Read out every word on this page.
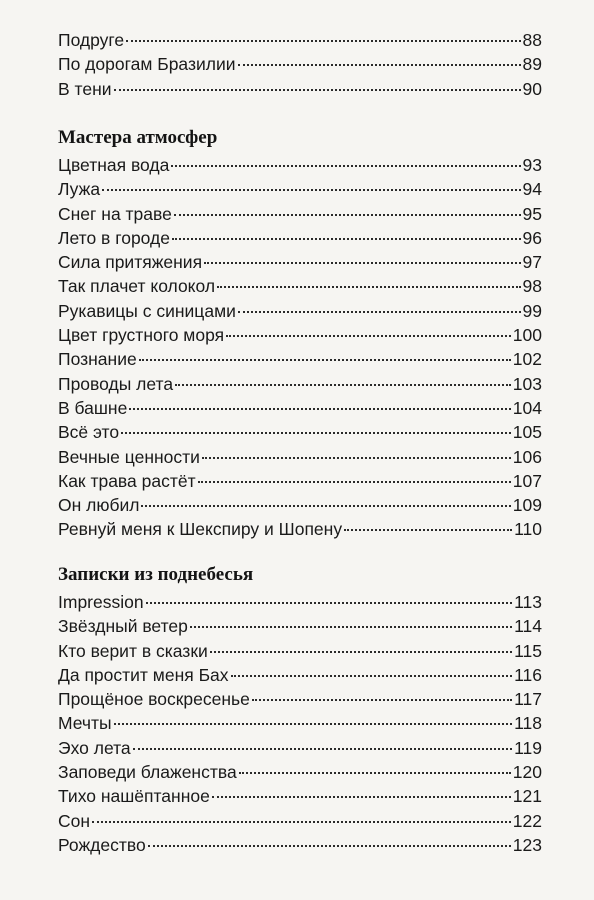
Подруге	88
По дорогам Бразилии	89
В тени	90
Мастера атмосфер
Цветная вода	93
Лужа	94
Снег на траве	95
Лето в городе	96
Сила притяжения	97
Так плачет колокол	98
Рукавицы с синицами	99
Цвет грустного моря	100
Познание	102
Проводы лета	103
В башне	104
Всё это	105
Вечные ценности	106
Как трава растёт	107
Он любил	109
Ревнуй меня к Шекспиру и Шопену	110
Записки из поднебесья
Impression	113
Звёздный ветер	114
Кто верит в сказки	115
Да простит меня Бах	116
Прощёное воскресенье	117
Мечты	118
Эхо лета	119
Заповеди блаженства	120
Тихо нашёптанное	121
Сон	122
Рождество	123
